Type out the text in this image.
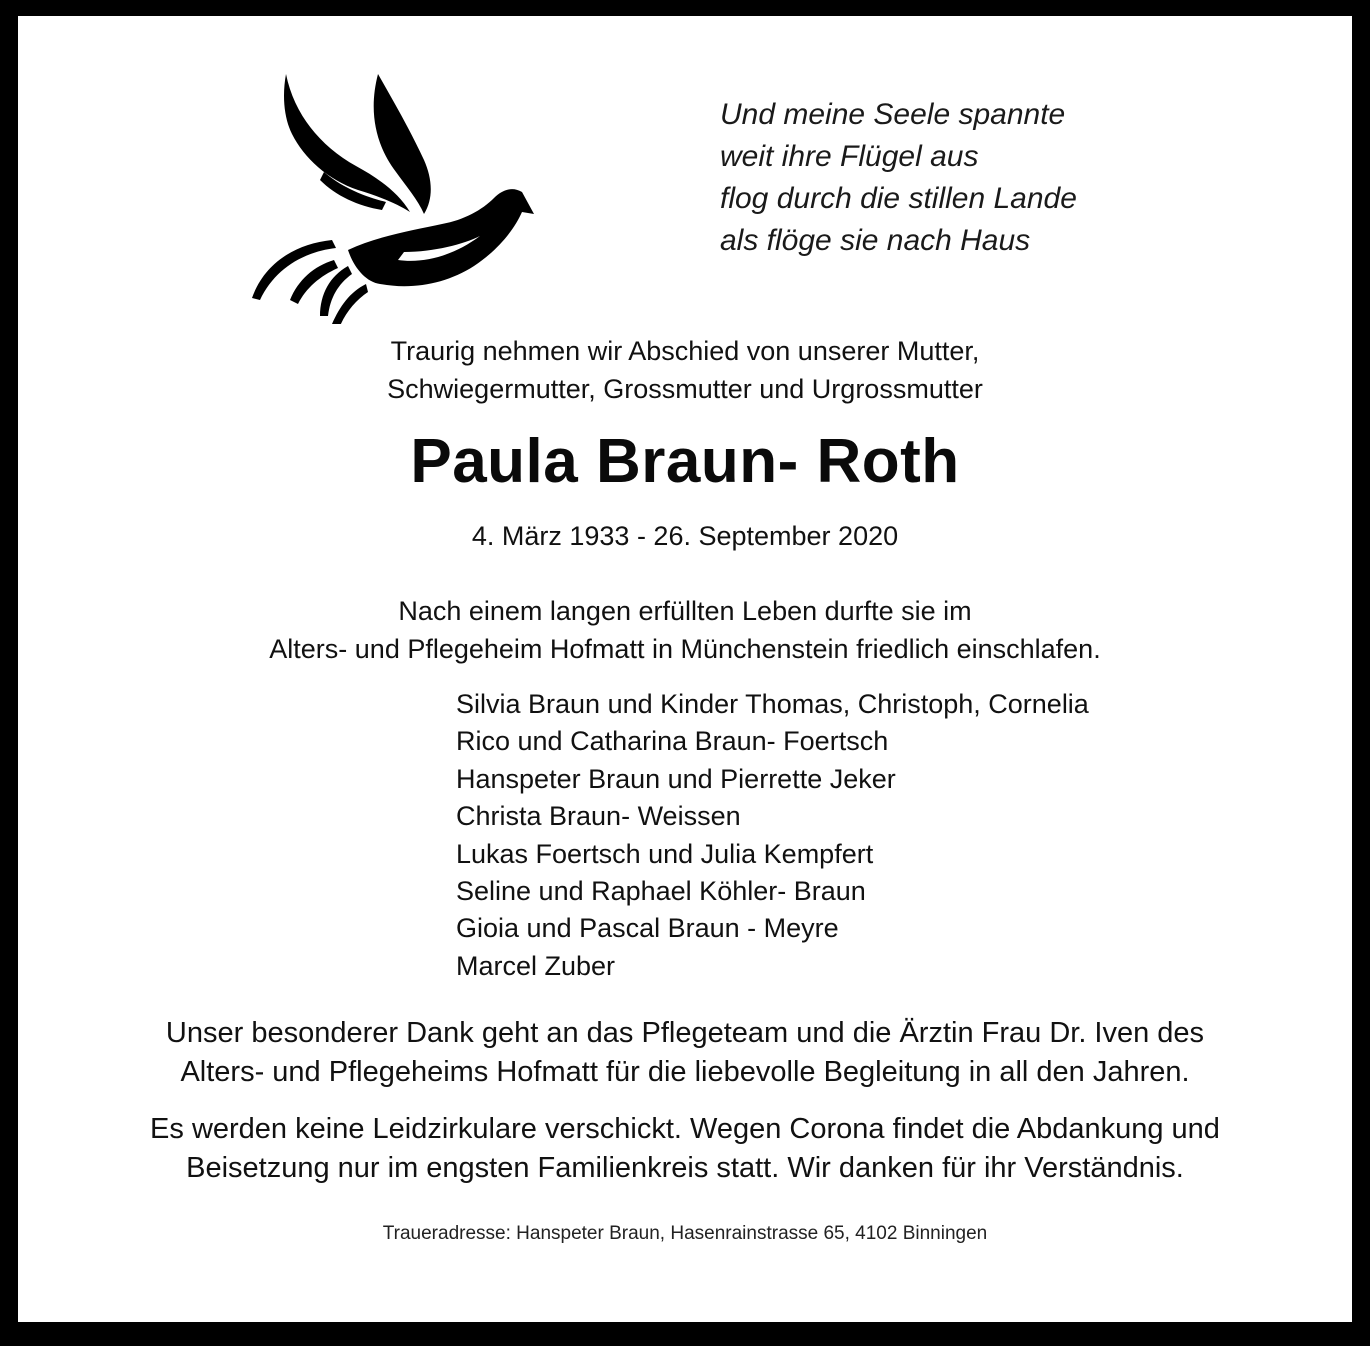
Und meine Seele spannte
weit ihre Flügel aus
flog durch die stillen Lande
als flöge sie nach Haus
Traurig nehmen wir Abschied von unserer Mutter,
Schwiegermutter, Grossmutter und Urgrossmutter
Paula Braun- Roth
4. März 1933 - 26. September 2020
Nach einem langen erfüllten Leben durfte sie im
Alters- und Pflegeheim Hofmatt in Münchenstein friedlich einschlafen.
Silvia Braun und Kinder Thomas, Christoph, Cornelia
Rico und Catharina Braun- Foertsch
Hanspeter Braun und Pierrette Jeker
Christa Braun- Weissen
Lukas Foertsch und Julia Kempfert
Seline und Raphael Köhler- Braun
Gioia und Pascal Braun - Meyre
Marcel Zuber
Unser besonderer Dank geht an das Pflegeteam und die Ärztin Frau Dr. Iven des
Alters- und Pflegeheims Hofmatt für die liebevolle Begleitung in all den Jahren.
Es werden keine Leidzirkulare verschickt. Wegen Corona findet die Abdankung und
Beisetzung nur im engsten Familienkreis statt. Wir danken für ihr Verständnis.
Traueradresse: Hanspeter Braun, Hasenrainstrasse 65, 4102 Binningen
